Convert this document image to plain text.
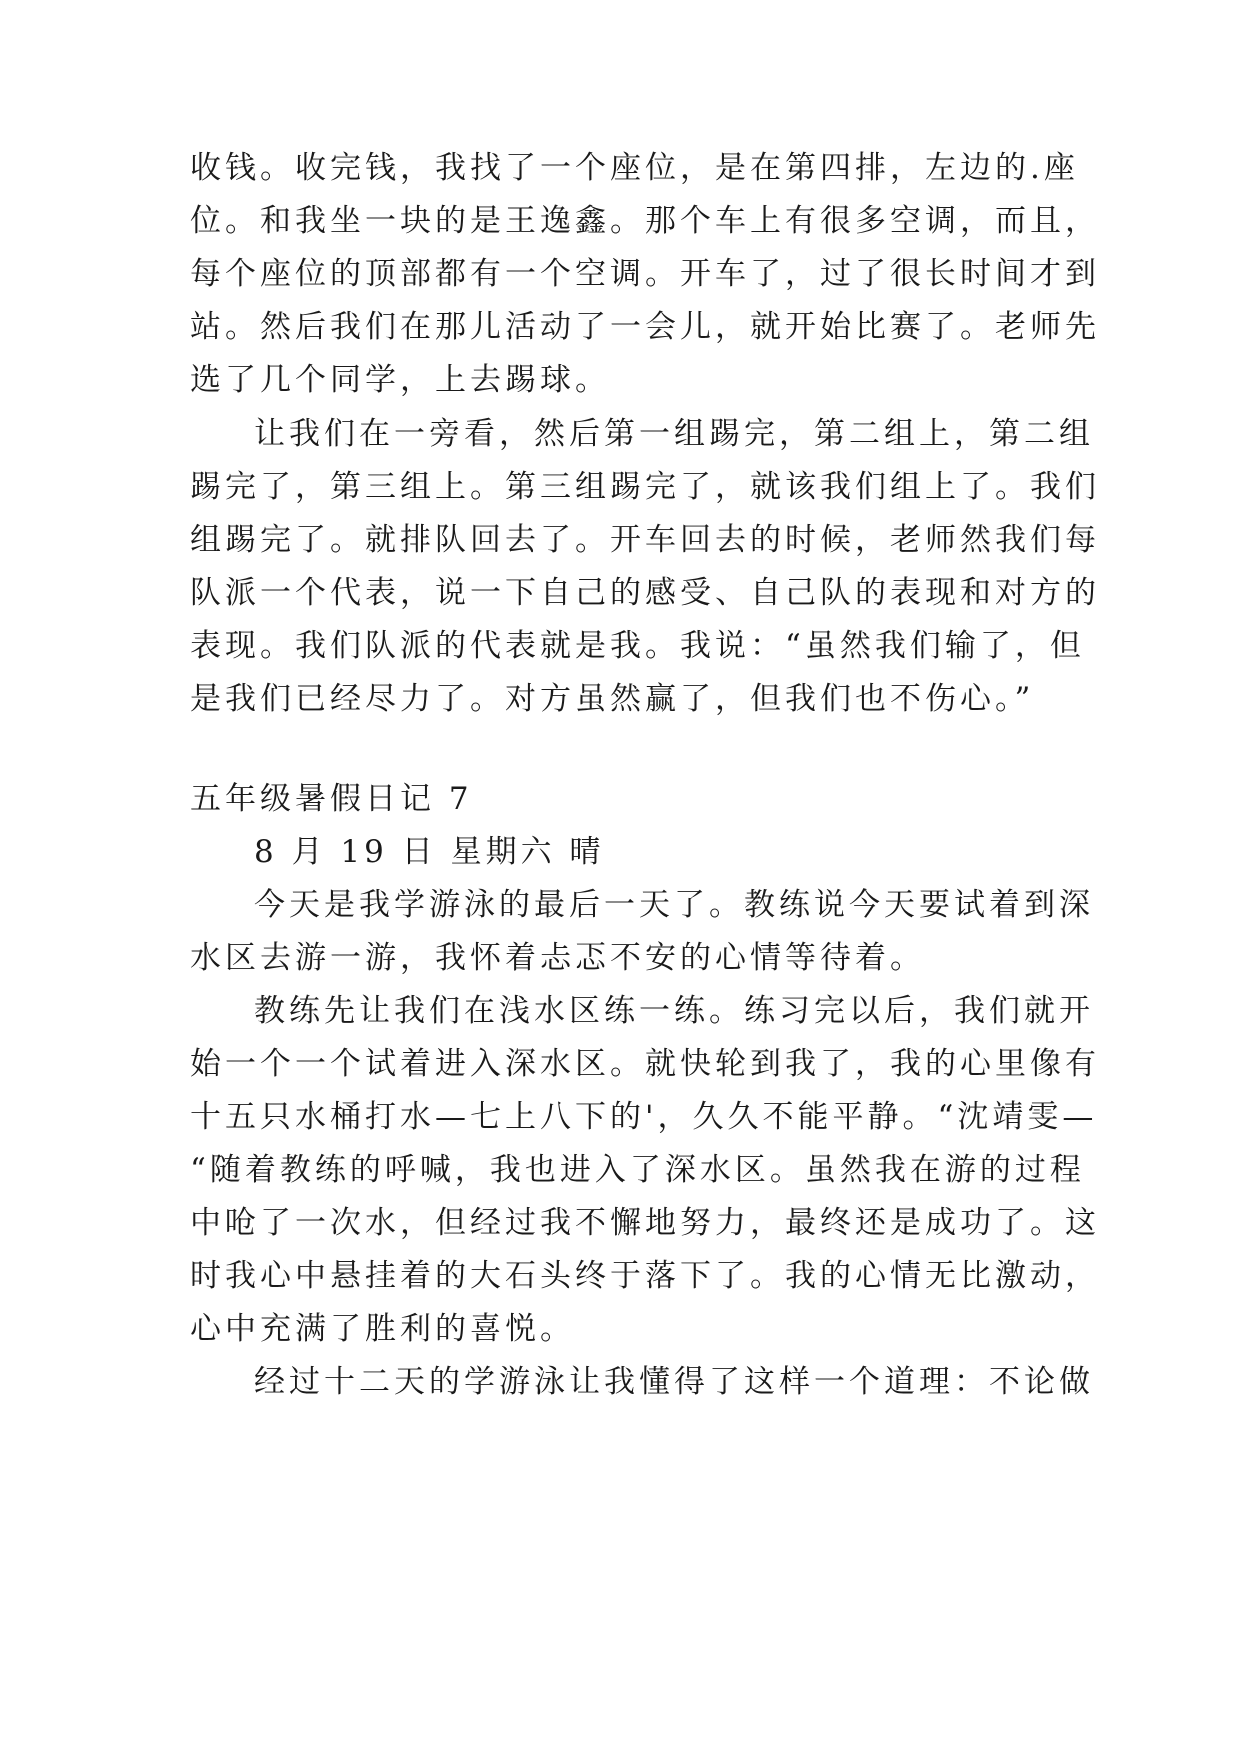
收钱。收完钱，我找了一个座位，是在第四排，左边的.座
位。和我坐一块的是王逸鑫。那个车上有很多空调，而且，
每个座位的顶部都有一个空调。开车了，过了很长时间才到
站。然后我们在那儿活动了一会儿，就开始比赛了。老师先
选了几个同学，上去踢球。
让我们在一旁看，然后第一组踢完，第二组上，第二组
踢完了，第三组上。第三组踢完了，就该我们组上了。我们
组踢完了。就排队回去了。开车回去的时候，老师然我们每
队派一个代表，说一下自己的感受、自己队的表现和对方的
表现。我们队派的代表就是我。我说：“虽然我们输了，但
是我们已经尽力了。对方虽然赢了，但我们也不伤心。”
五年级暑假日记 7
8 月 19 日 星期六 晴
今天是我学游泳的最后一天了。教练说今天要试着到深
水区去游一游，我怀着忐忑不安的心情等待着。
教练先让我们在浅水区练一练。练习完以后，我们就开
始一个一个试着进入深水区。就快轮到我了，我的心里像有
十五只水桶打水—七上八下的'，久久不能平静。“沈靖雯—
“随着教练的呼喊，我也进入了深水区。虽然我在游的过程
中呛了一次水，但经过我不懈地努力，最终还是成功了。这
时我心中悬挂着的大石头终于落下了。我的心情无比激动，
心中充满了胜利的喜悦。
经过十二天的学游泳让我懂得了这样一个道理：不论做
